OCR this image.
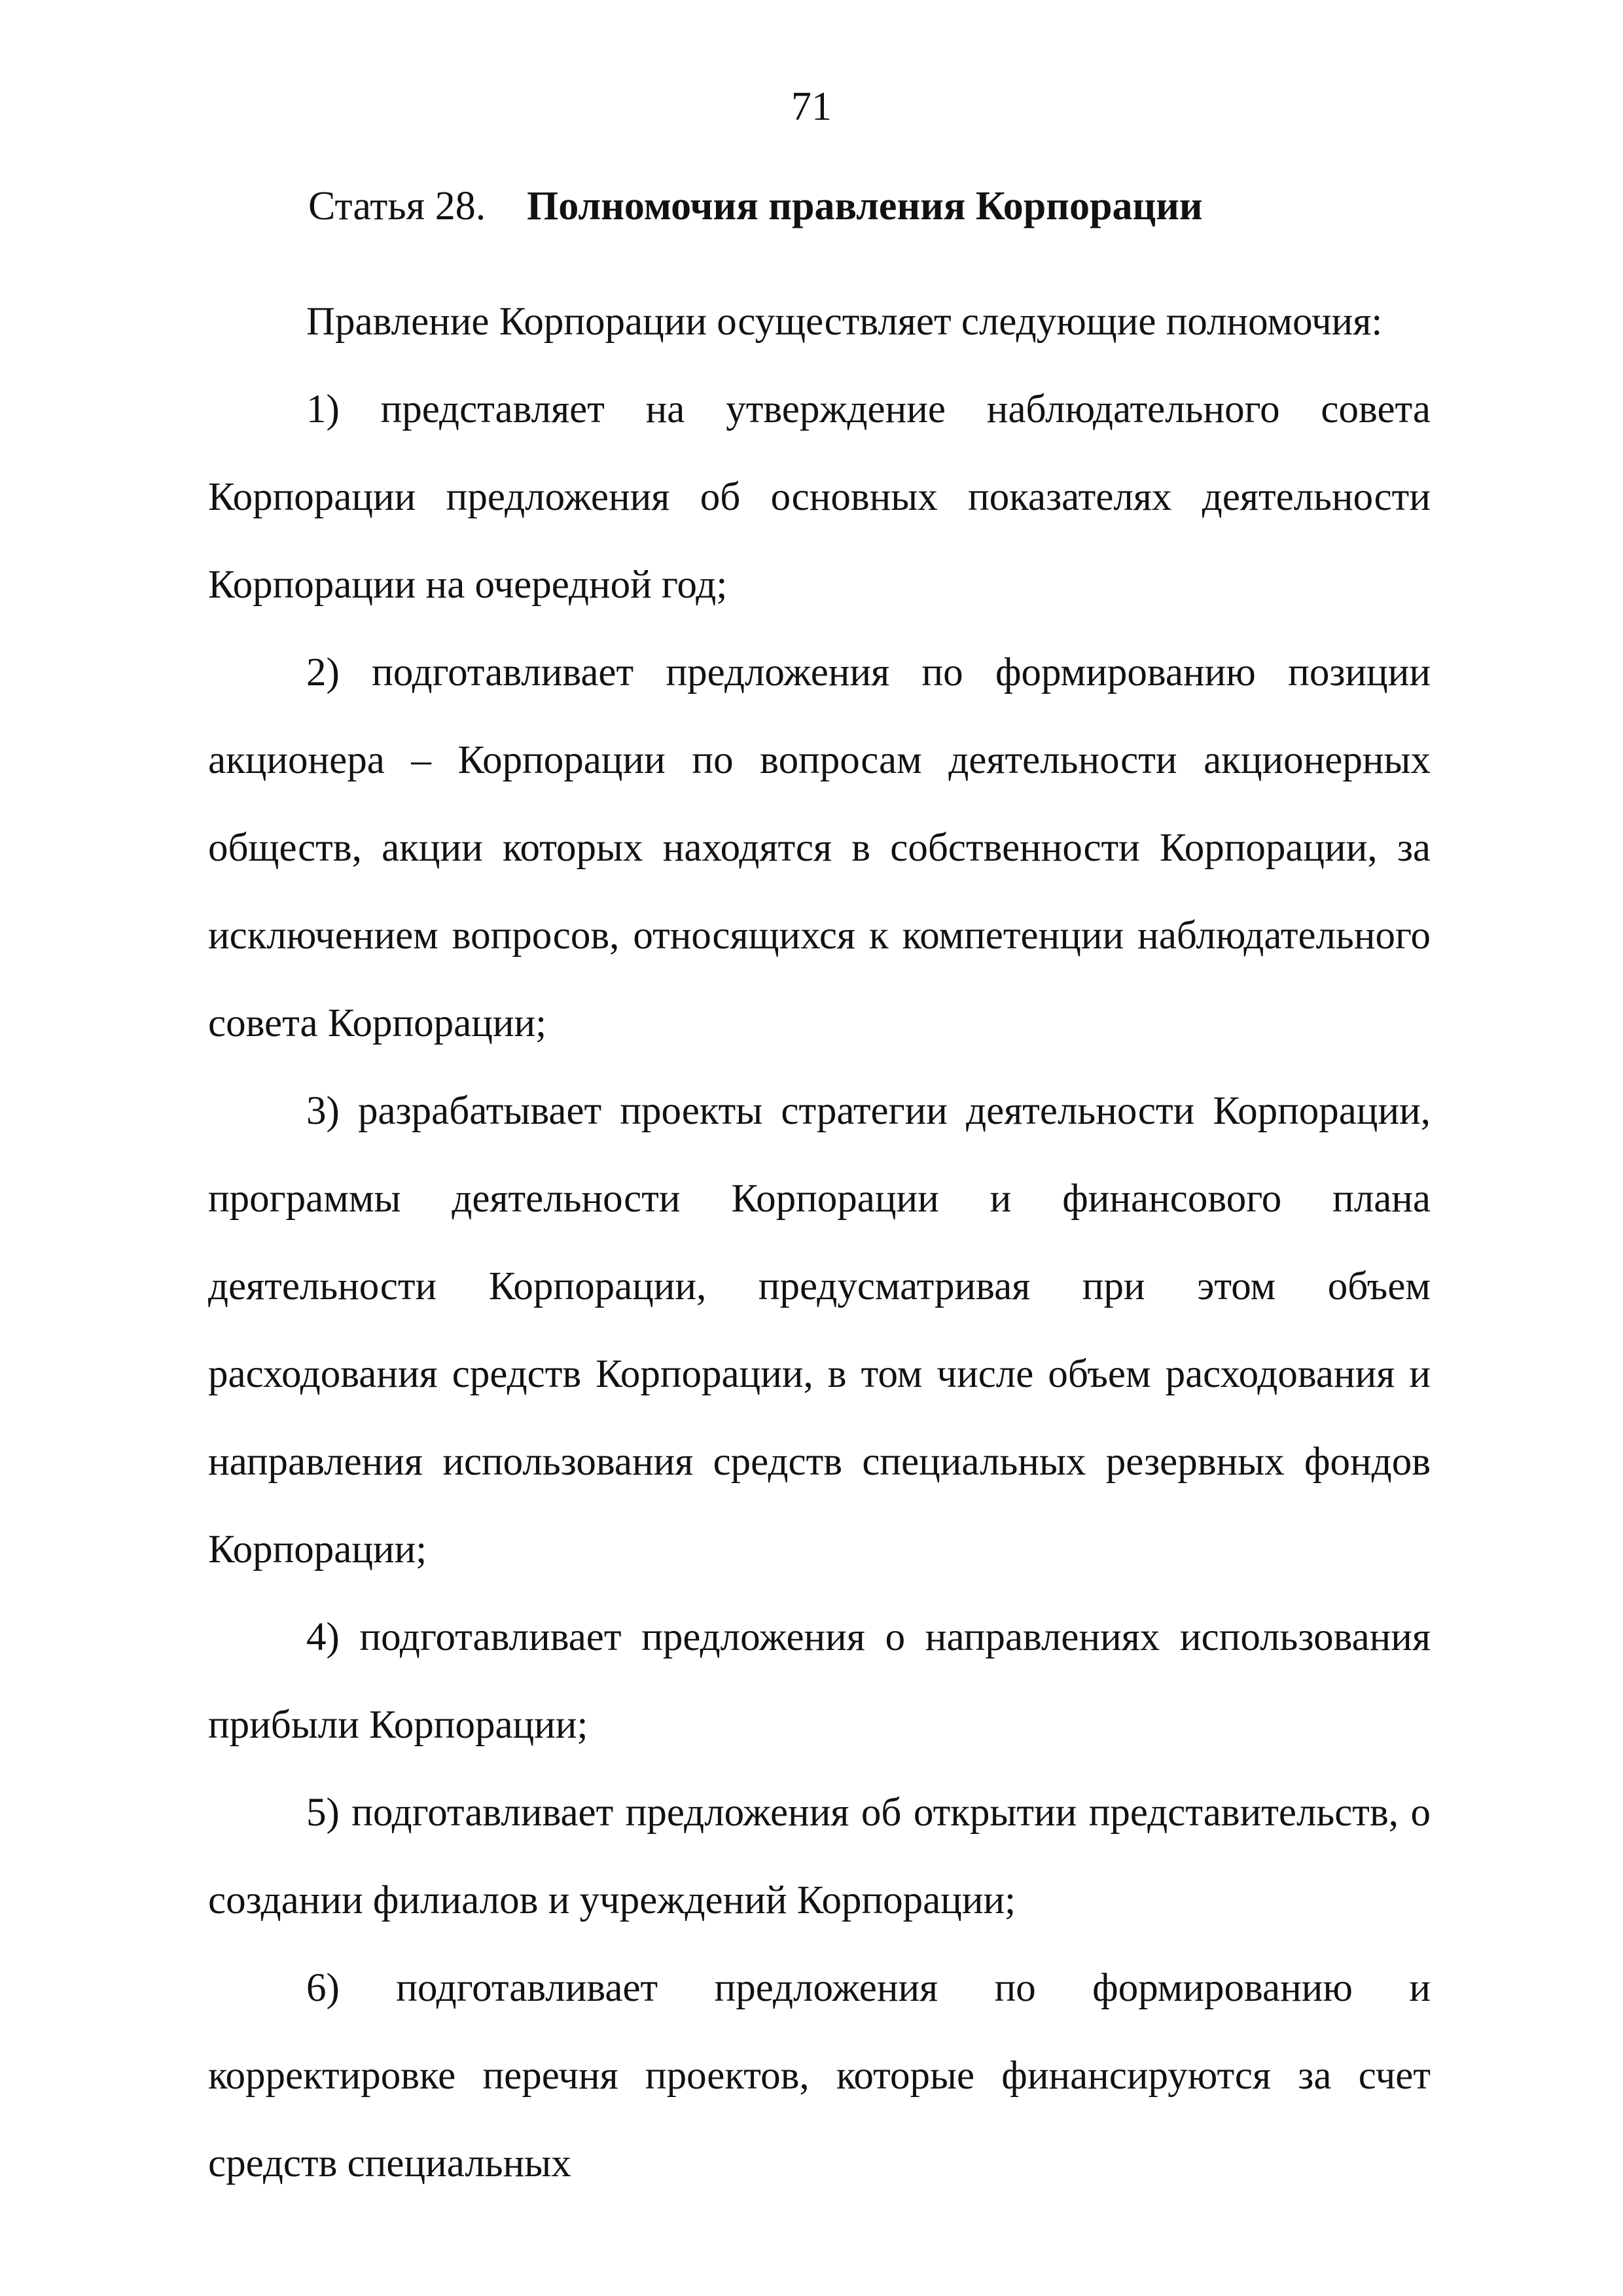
71
Статья 28. Полномочия правления Корпорации

Правление Корпорации осуществляет следующие полномочия:

1) представляет на утверждение наблюдательного совета Корпорации предложения об основных показателях деятельности Корпорации на очередной год;

2) подготавливает предложения по формированию позиции акционера – Корпорации по вопросам деятельности акционерных обществ, акции которых находятся в собственности Корпорации, за исключением вопросов, относящихся к компетенции наблюдательного совета Корпорации;

3) разрабатывает проекты стратегии деятельности Корпорации, программы деятельности Корпорации и финансового плана деятельности Корпорации, предусматривая при этом объем расходования средств Корпорации, в том числе объем расходования и направления использования средств специальных резервных фондов Корпорации;

4) подготавливает предложения о направлениях использования прибыли Корпорации;

5) подготавливает предложения об открытии представительств, о создании филиалов и учреждений Корпорации;

6) подготавливает предложения по формированию и корректировке перечня проектов, которые финансируются за счет средств специальных
